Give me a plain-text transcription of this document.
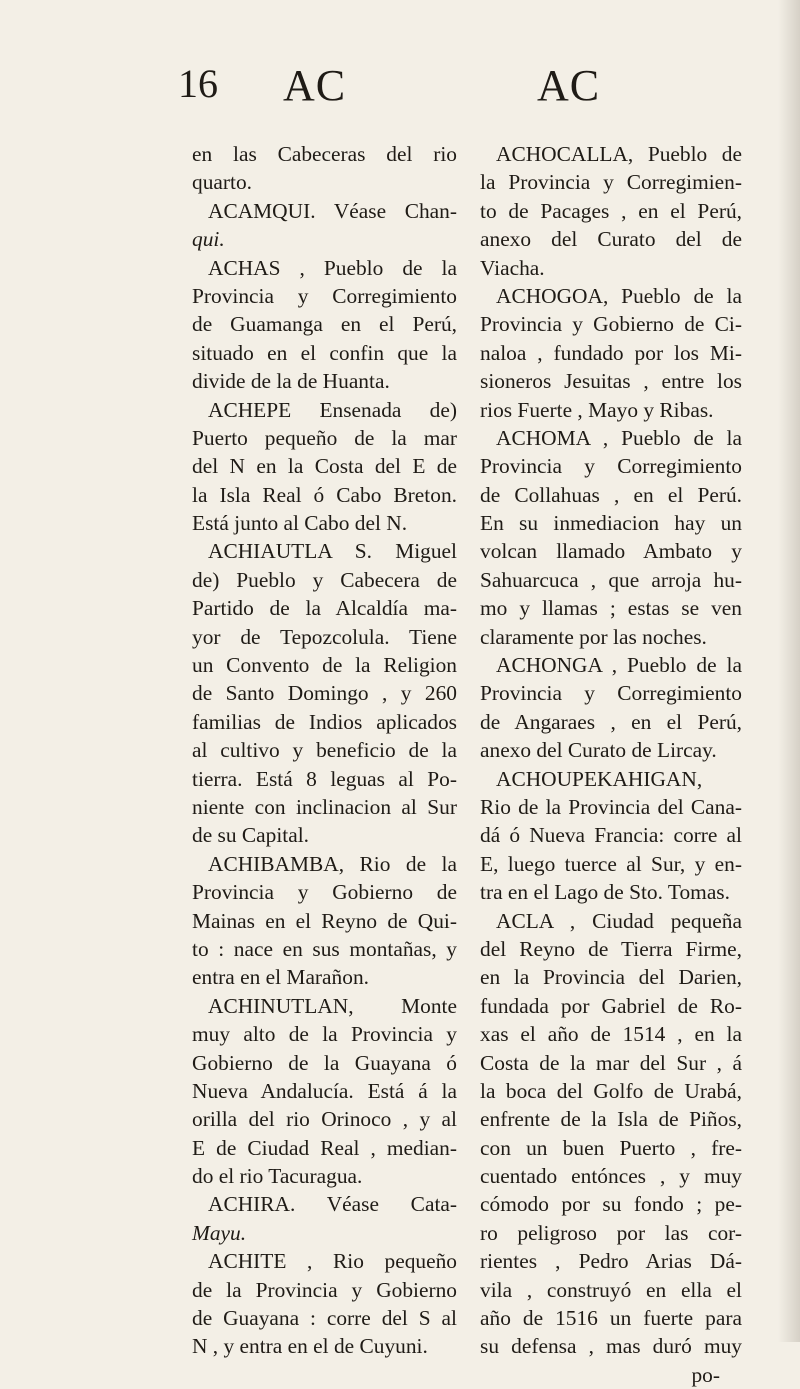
16 AC	AC
en las Cabeceras del rio
quarto.
ACAMQUI. Véase Chan-
qui.
ACHAS , Pueblo de la
Provincia y Corregimiento
de Guamanga en el Perú,
situado en el confin que la
divide de la de Huanta.
ACHEPE Ensenada de)
Puerto pequeño de la mar
del N en la Costa del E de
la Isla Real ó Cabo Breton.
Está junto al Cabo del N.
ACHIAUTLA S. Miguel
de) Pueblo y Cabecera de
Partido de la Alcaldía ma-
yor de Tepozcolula. Tiene
un Convento de la Religion
de Santo Domingo , y 260
familias de Indios aplicados
al cultivo y beneficio de la
tierra. Está 8 leguas al Po-
niente con inclinacion al Sur
de su Capital.
ACHIBAMBA, Rio de la
Provincia y Gobierno de
Mainas en el Reyno de Qui-
to : nace en sus montañas, y
entra en el Marañon.
ACHINUTLAN, Monte
muy alto de la Provincia y
Gobierno de la Guayana ó
Nueva Andalucía. Está á la
orilla del rio Orinoco , y al
E de Ciudad Real , median-
do el rio Tacuragua.
ACHIRA. Véase Cata-
Mayu.
ACHITE , Rio pequeño
de la Provincia y Gobierno
de Guayana : corre del S al
N , y entra en el de Cuyuni.
ACHOCALLA, Pueblo de
la Provincia y Corregimien-
to de Pacages , en el Perú,
anexo del Curato del de
Viacha.
ACHOGOA, Pueblo de la
Provincia y Gobierno de Ci-
naloa , fundado por los Mi-
sioneros Jesuitas , entre los
rios Fuerte , Mayo y Ribas.
ACHOMA , Pueblo de la
Provincia y Corregimiento
de Collahuas , en el Perú.
En su inmediacion hay un
volcan llamado Ambato y
Sahuarcuca , que arroja hu-
mo y llamas ; estas se ven
claramente por las noches.
ACHONGA , Pueblo de la
Provincia y Corregimiento
de Angaraes , en el Perú,
anexo del Curato de Lircay.
ACHOUPEKAHIGAN,
Rio de la Provincia del Cana-
dá ó Nueva Francia: corre al
E, luego tuerce al Sur, y en-
tra en el Lago de Sto. Tomas.
ACLA , Ciudad pequeña
del Reyno de Tierra Firme,
en la Provincia del Darien,
fundada por Gabriel de Ro-
xas el año de 1514 , en la
Costa de la mar del Sur , á
la boca del Golfo de Urabá,
enfrente de la Isla de Piños,
con un buen Puerto , fre-
cuentado entónces , y muy
cómodo por su fondo ; pe-
ro peligroso por las cor-
rientes , Pedro Arias Dá-
vila , construyó en ella el
año de 1516 un fuerte para
su defensa , mas duró muy
po-
